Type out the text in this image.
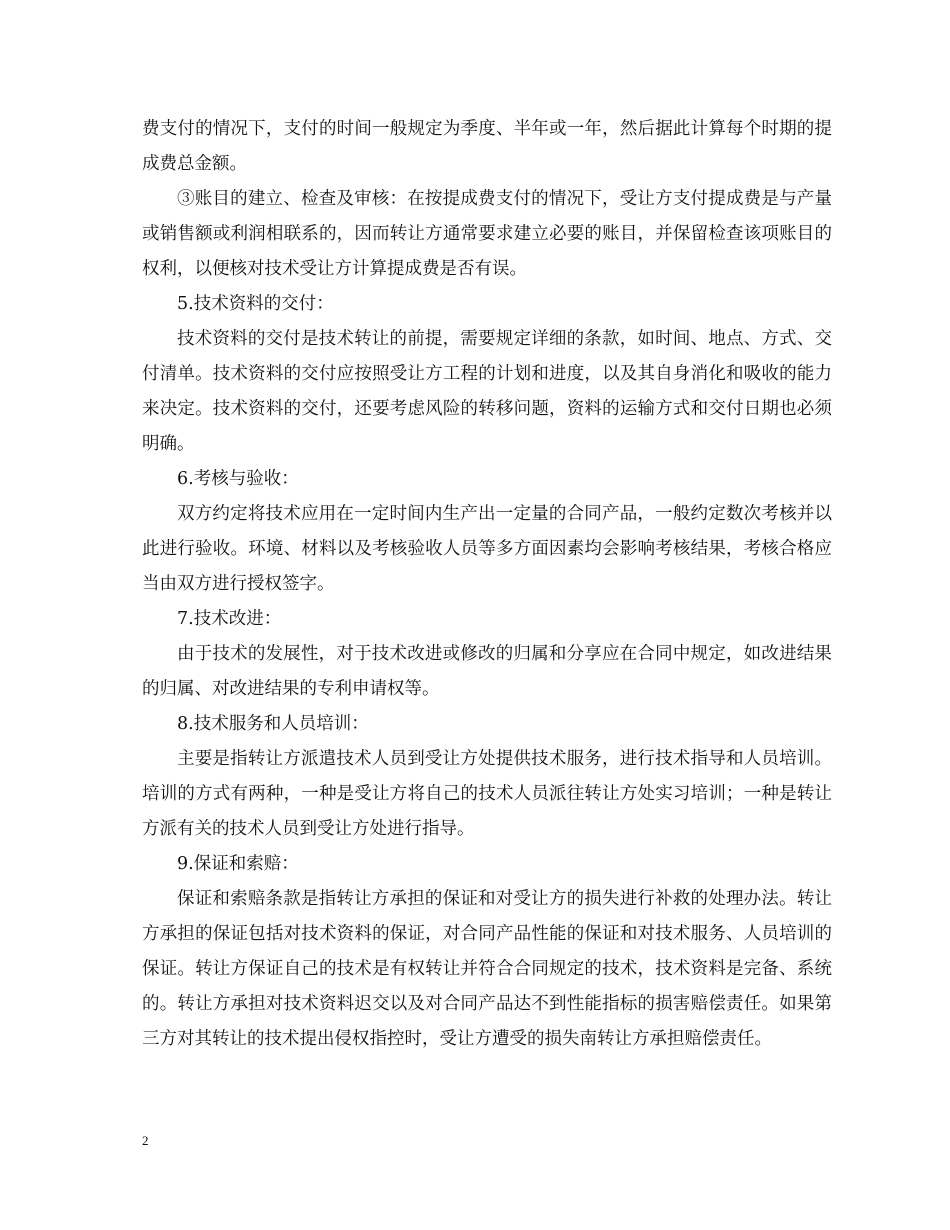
费支付的情况下，支付的时间一般规定为季度、半年或一年，然后据此计算每个时期的提成费总金额。

③账目的建立、检查及审核：在按提成费支付的情况下，受让方支付提成费是与产量或销售额或利润相联系的，因而转让方通常要求建立必要的账目，并保留检查该项账目的权利，以便核对技术受让方计算提成费是否有误。

5.技术资料的交付：

技术资料的交付是技术转让的前提，需要规定详细的条款，如时间、地点、方式、交付清单。技术资料的交付应按照受让方工程的计划和进度，以及其自身消化和吸收的能力来决定。技术资料的交付，还要考虑风险的转移问题，资料的运输方式和交付日期也必须明确。

6.考核与验收：

双方约定将技术应用在一定时间内生产出一定量的合同产品，一般约定数次考核并以此进行验收。环境、材料以及考核验收人员等多方面因素均会影响考核结果，考核合格应当由双方进行授权签字。

7.技术改进：

由于技术的发展性，对于技术改进或修改的归属和分享应在合同中规定，如改进结果的归属、对改进结果的专利申请权等。

8.技术服务和人员培训：

主要是指转让方派遣技术人员到受让方处提供技术服务，进行技术指导和人员培训。培训的方式有两种，一种是受让方将自己的技术人员派往转让方处实习培训；一种是转让方派有关的技术人员到受让方处进行指导。

9.保证和索赔：

保证和索赔条款是指转让方承担的保证和对受让方的损失进行补救的处理办法。转让方承担的保证包括对技术资料的保证，对合同产品性能的保证和对技术服务、人员培训的保证。转让方保证自己的技术是有权转让并符合合同规定的技术，技术资料是完备、系统的。转让方承担对技术资料迟交以及对合同产品达不到性能指标的损害赔偿责任。如果第三方对其转让的技术提出侵权指控时，受让方遭受的损失南转让方承担赔偿责任。

2
